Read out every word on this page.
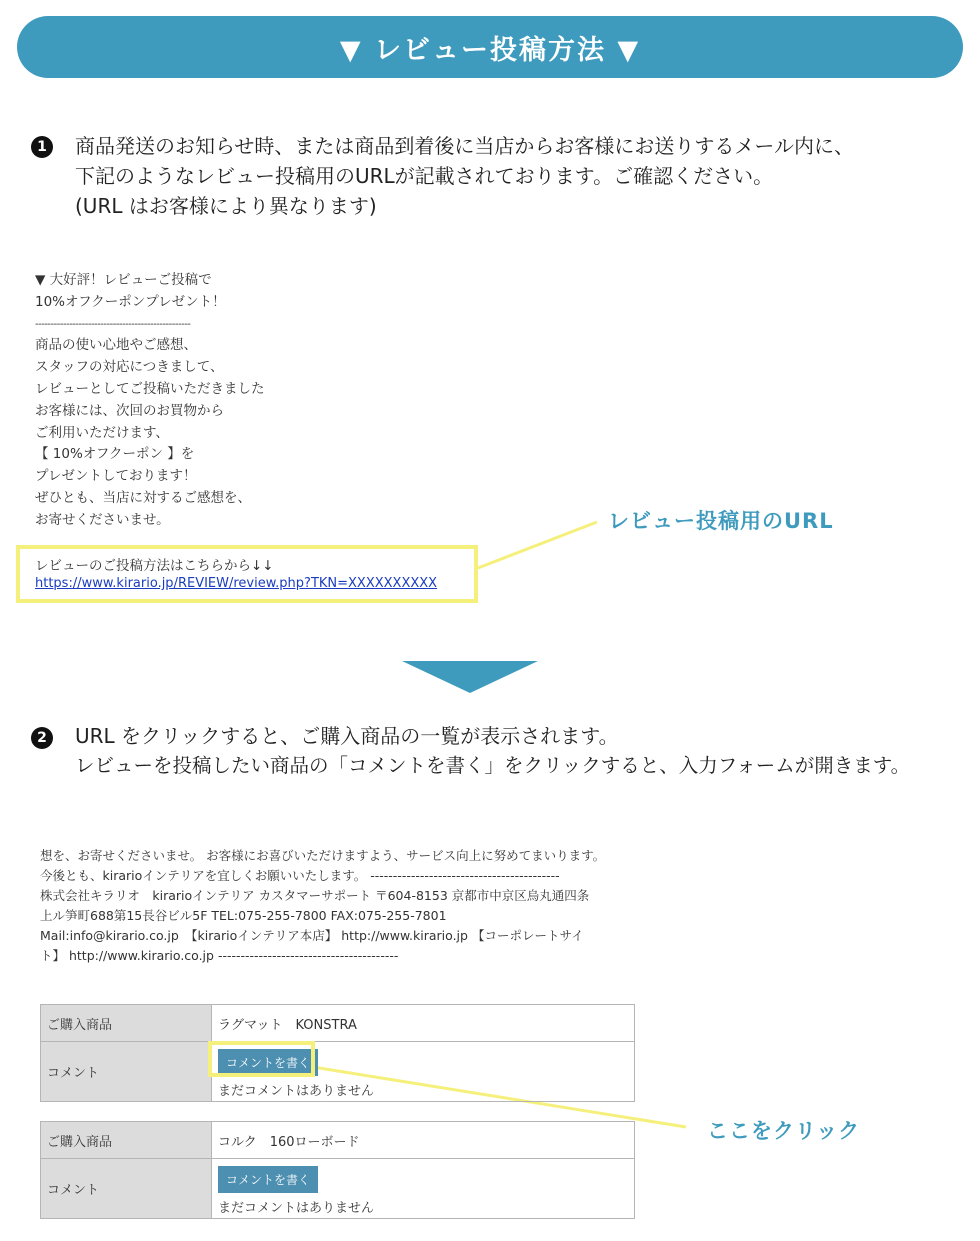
▼ レビュー投稿方法 ▼
1	商品発送のお知らせ時、または商品到着後に当店からお客様にお送りするメール内に、
下記のようなレビュー投稿用のURLが記載されております。ご確認ください。
(URL はお客様により異なります)
▼ 大好評！レビューご投稿で
10%オフクーポンプレゼント！
--------------------------------------------------
商品の使い心地やご感想、
スタッフの対応につきまして、
レビューとしてご投稿いただきました
お客様には、次回のお買物から
ご利用いただけます、
【 10%オフクーポン 】を
プレゼントしております！
ぜひとも、当店に対するご感想を、
お寄せくださいませ。
レビューのご投稿方法はこちらから↓↓
https://www.kirario.jp/REVIEW/review.php?TKN=XXXXXXXXXX
レビュー投稿用のURL
2	URL をクリックすると、ご購入商品の一覧が表示されます。
レビューを投稿したい商品の「コメントを書く」をクリックすると、入力フォームが開きます。
想を、お寄せくださいませ。 お客様にお喜びいただけますよう、サービス向上に努めてまいります。
今後とも、kirarioインテリアを宜しくお願いいたします。 ------------------------------------------
株式会社キラリオ　kirarioインテリア カスタマーサポート 〒604-8153 京都市中京区烏丸通四条
上ル笋町688第15長谷ビル5F TEL:075-255-7800 FAX:075-255-7801
Mail:info@kirario.co.jp　【kirarioインテリア本店】 http://www.kirario.jp 【コーポレートサイ
ト】 http://www.kirario.co.jp ----------------------------------------
ご購入商品	ラグマット　KONSTRA
コメント	コメントを書く
まだコメントはありません
ご購入商品	コルク　160ローボード
コメント	コメントを書く
まだコメントはありません
ここをクリック
